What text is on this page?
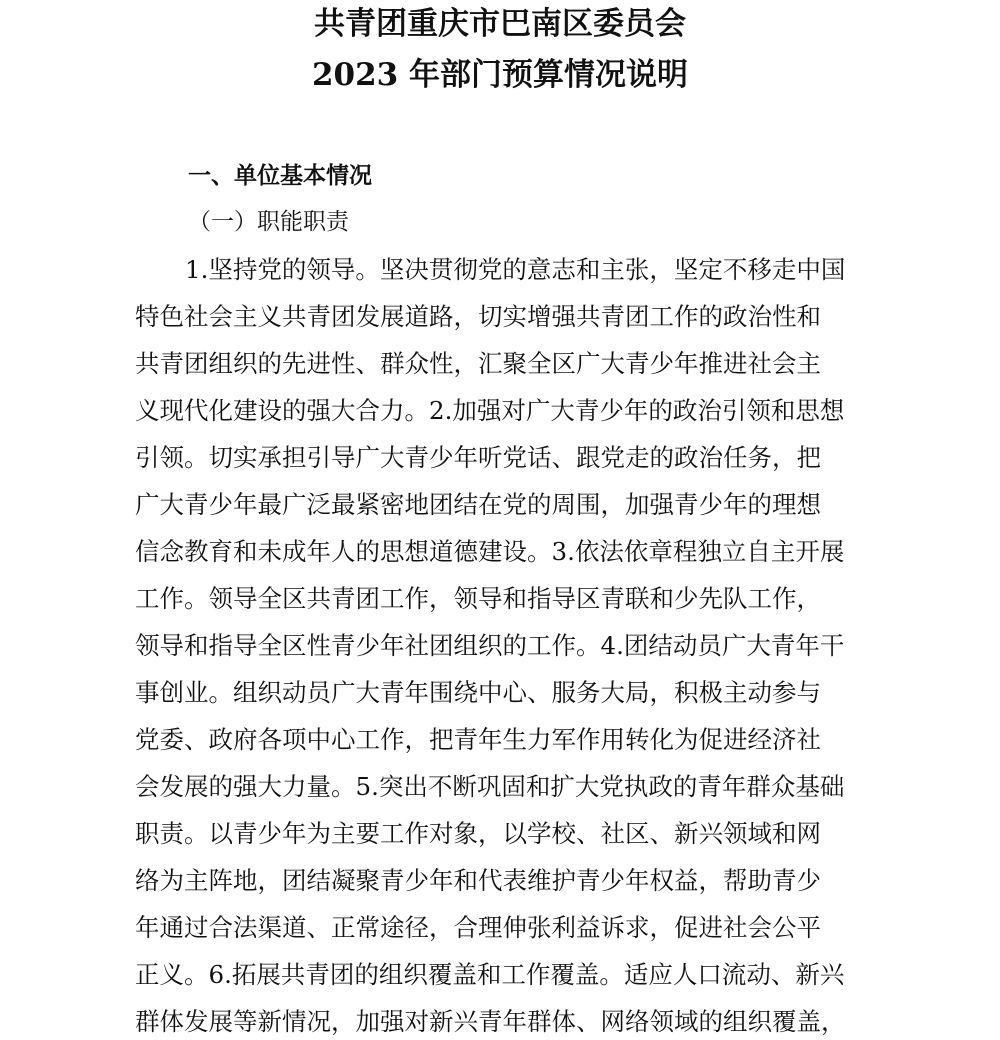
共青团重庆市巴南区委员会
2023 年部门预算情况说明
一、单位基本情况
（一）职能职责
1.坚持党的领导。坚决贯彻党的意志和主张，坚定不移走中国
特色社会主义共青团发展道路，切实增强共青团工作的政治性和
共青团组织的先进性、群众性，汇聚全区广大青少年推进社会主
义现代化建设的强大合力。2.加强对广大青少年的政治引领和思想
引领。切实承担引导广大青少年听党话、跟党走的政治任务，把
广大青少年最广泛最紧密地团结在党的周围，加强青少年的理想
信念教育和未成年人的思想道德建设。3.依法依章程独立自主开展
工作。领导全区共青团工作，领导和指导区青联和少先队工作，
领导和指导全区性青少年社团组织的工作。4.团结动员广大青年干
事创业。组织动员广大青年围绕中心、服务大局，积极主动参与
党委、政府各项中心工作，把青年生力军作用转化为促进经济社
会发展的强大力量。5.突出不断巩固和扩大党执政的青年群众基础
职责。以青少年为主要工作对象，以学校、社区、新兴领域和网
络为主阵地，团结凝聚青少年和代表维护青少年权益，帮助青少
年通过合法渠道、正常途径，合理伸张利益诉求，促进社会公平
正义。6.拓展共青团的组织覆盖和工作覆盖。适应人口流动、新兴
群体发展等新情况，加强对新兴青年群体、网络领域的组织覆盖，
